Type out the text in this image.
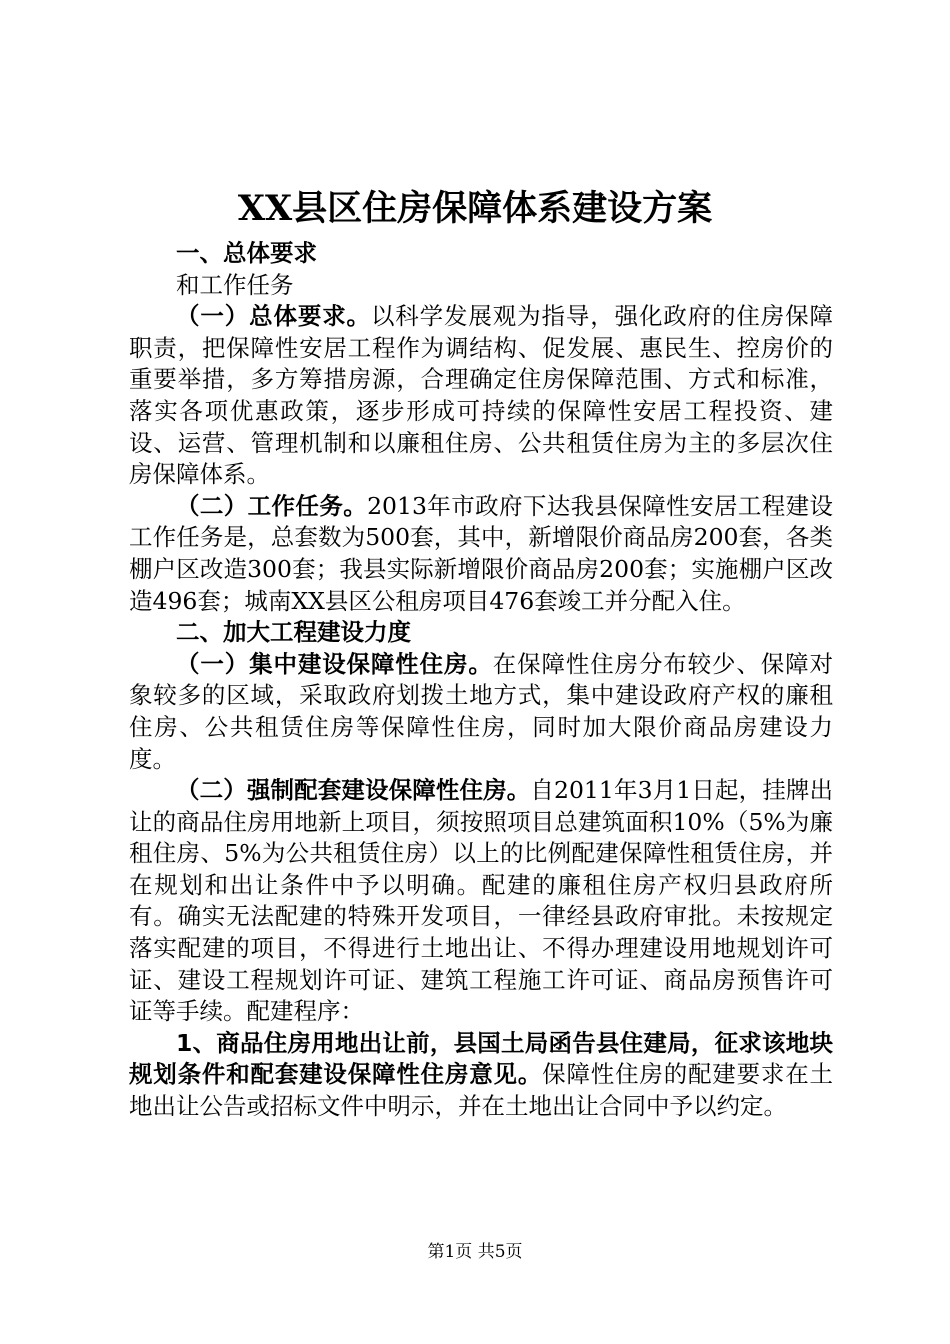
XX县区住房保障体系建设方案

一、总体要求

和工作任务

（一）总体要求。以科学发展观为指导，强化政府的住房保障职责，把保障性安居工程作为调结构、促发展、惠民生、控房价的重要举措，多方筹措房源，合理确定住房保障范围、方式和标准，落实各项优惠政策，逐步形成可持续的保障性安居工程投资、建设、运营、管理机制和以廉租住房、公共租赁住房为主的多层次住房保障体系。

（二）工作任务。2013年市政府下达我县保障性安居工程建设工作任务是，总套数为500套，其中，新增限价商品房200套，各类棚户区改造300套；我县实际新增限价商品房200套；实施棚户区改造496套；城南XX县区公租房项目476套竣工并分配入住。

二、加大工程建设力度

（一）集中建设保障性住房。在保障性住房分布较少、保障对象较多的区域，采取政府划拨土地方式，集中建设政府产权的廉租住房、公共租赁住房等保障性住房，同时加大限价商品房建设力度。

（二）强制配套建设保障性住房。自2011年3月1日起，挂牌出让的商品住房用地新上项目，须按照项目总建筑面积10%（5%为廉租住房、5%为公共租赁住房）以上的比例配建保障性租赁住房，并在规划和出让条件中予以明确。配建的廉租住房产权归县政府所有。确实无法配建的特殊开发项目，一律经县政府审批。未按规定落实配建的项目，不得进行土地出让、不得办理建设用地规划许可证、建设工程规划许可证、建筑工程施工许可证、商品房预售许可证等手续。配建程序：

1、商品住房用地出让前，县国土局函告县住建局，征求该地块规划条件和配套建设保障性住房意见。保障性住房的配建要求在土地出让公告或招标文件中明示，并在土地出让合同中予以约定。

第1页 共5页
